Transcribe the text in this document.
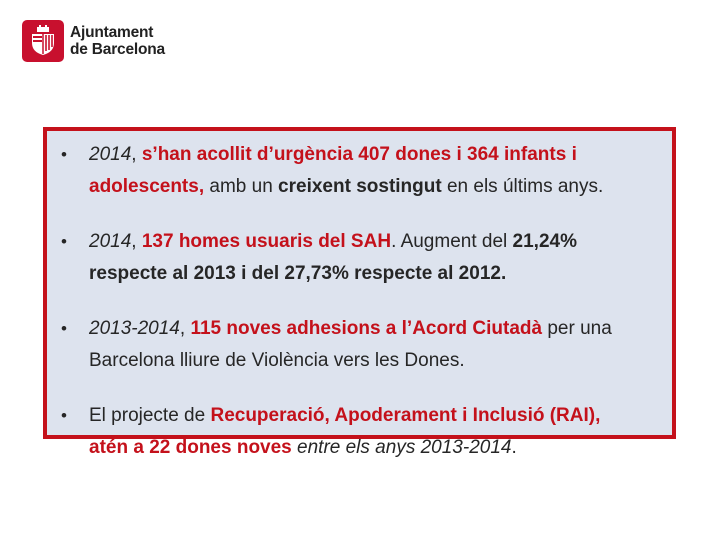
Ajuntament
de Barcelona
• 2014, s’han acollit d’urgència 407 dones i 364 infants i

adolescents, amb un creixent sostingut en els últims anys.

• 2014, 137 homes usuaris del SAH. Augment del 21,24%

respecte al 2013 i del 27,73% respecte al 2012.

• 2013-2014, 115 noves adhesions a l’Acord Ciutadà per una

Barcelona lliure de Violència vers les Dones.

• El projecte de Recuperació, Apoderament i Inclusió (RAI),

atén a 22 dones noves entre els anys 2013-2014.
